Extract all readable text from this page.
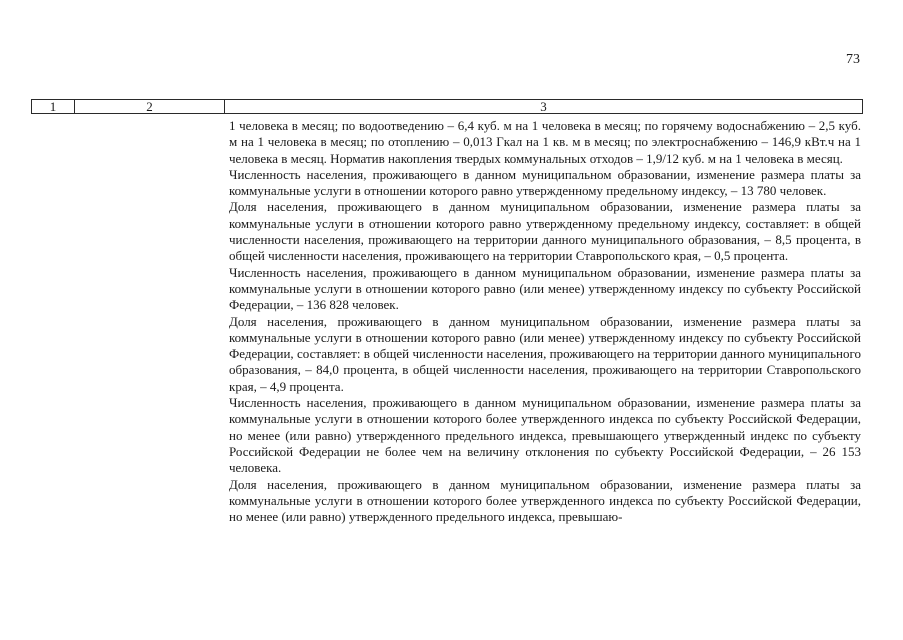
73
1	2	3

1 человека в месяц; по водоотведению – 6,4 куб. м на 1 человека в месяц; по горячему водоснабжению – 2,5 куб. м на 1 человека в месяц; по отоплению – 0,013 Гкал на 1 кв. м в месяц; по электроснабжению – 146,9 кВт.ч на 1 человека в месяц. Норматив накопления твердых коммунальных отходов – 1,9/12 куб. м на 1 человека в месяц.

Численность населения, проживающего в данном муниципальном образовании, изменение размера платы за коммунальные услуги в отношении которого равно утвержденному предельному индексу, – 13 780 человек.

Доля населения, проживающего в данном муниципальном образовании, изменение размера платы за коммунальные услуги в отношении которого равно утвержденному предельному индексу, составляет: в общей численности населения, проживающего на территории данного муниципального образования, – 8,5 процента, в общей численности населения, проживающего на территории Ставропольского края, – 0,5 процента.

Численность населения, проживающего в данном муниципальном образовании, изменение размера платы за коммунальные услуги в отношении которого равно (или менее) утвержденному индексу по субъекту Российской Федерации, – 136 828 человек.

Доля населения, проживающего в данном муниципальном образовании, изменение размера платы за коммунальные услуги в отношении которого равно (или менее) утвержденному индексу по субъекту Российской Федерации, составляет: в общей численности населения, проживающего на территории данного муниципального образования, – 84,0 процента, в общей численности населения, проживающего на территории Ставропольского края, – 4,9 процента.

Численность населения, проживающего в данном муниципальном образовании, изменение размера платы за коммунальные услуги в отношении которого более утвержденного индекса по субъекту Российской Федерации, но менее (или равно) утвержденного предельного индекса, превышающего утвержденный индекс по субъекту Российской Федерации не более чем на величину отклонения по субъекту Российской Федерации, – 26 153 человека.

Доля населения, проживающего в данном муниципальном образовании, изменение размера платы за коммунальные услуги в отношении которого более утвержденного индекса по субъекту Российской Федерации, но менее (или равно) утвержденного предельного индекса, превышаю-
